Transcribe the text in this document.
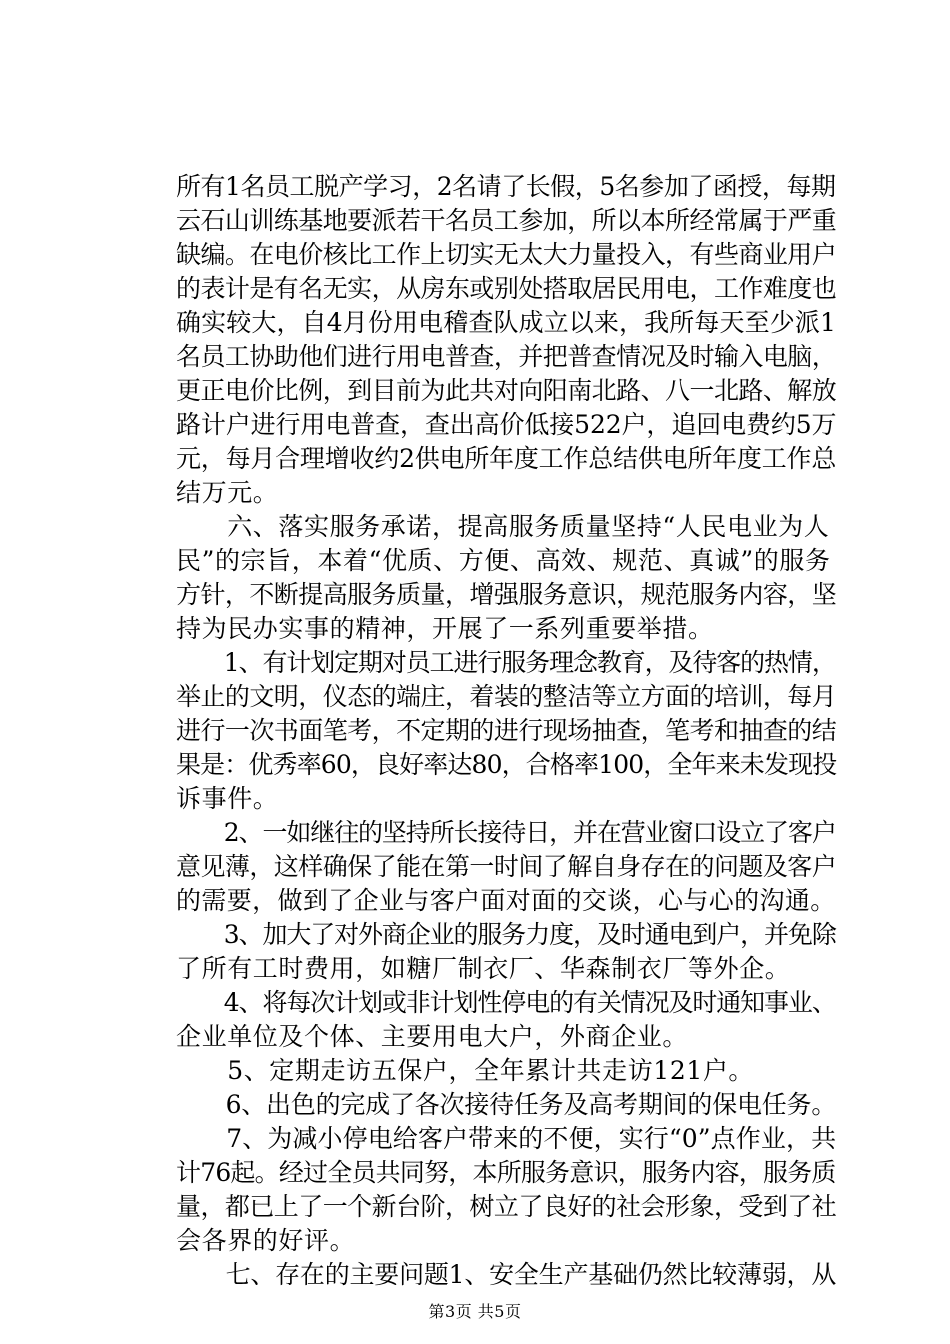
所有1名员工脱产学习，2名请了长假，5名参加了函授，每期
云石山训练基地要派若干名员工参加，所以本所经常属于严重
缺编。在电价核比工作上切实无太大力量投入，有些商业用户
的表计是有名无实，从房东或别处搭取居民用电，工作难度也
确实较大，自4月份用电稽查队成立以来，我所每天至少派1
名员工协助他们进行用电普查，并把普查情况及时输入电脑，
更正电价比例，到目前为此共对向阳南北路、八一北路、解放
路计户进行用电普查，查出高价低接522户，追回电费约5万
元，每月合理增收约2供电所年度工作总结供电所年度工作总
结万元。
　　六、落实服务承诺，提高服务质量坚持“人民电业为人
民”的宗旨，本着“优质、方便、高效、规范、真诚”的服务
方针，不断提高服务质量，增强服务意识，规范服务内容，坚
持为民办实事的精神，开展了一系列重要举措。
　　1、有计划定期对员工进行服务理念教育，及待客的热情，
举止的文明，仪态的端庄，着装的整洁等立方面的培训，每月
进行一次书面笔考，不定期的进行现场抽查，笔考和抽查的结
果是：优秀率60，良好率达80，合格率100，全年来未发现投
诉事件。
　　2、一如继往的坚持所长接待日，并在营业窗口设立了客户
意见薄，这样确保了能在第一时间了解自身存在的问题及客户
的需要，做到了企业与客户面对面的交谈，心与心的沟通。
　　3、加大了对外商企业的服务力度，及时通电到户，并免除
了所有工时费用，如糖厂制衣厂、华森制衣厂等外企。
　　4、将每次计划或非计划性停电的有关情况及时通知事业、
企业单位及个体、主要用电大户，外商企业。
　　5、定期走访五保户，全年累计共走访121户。
　　6、出色的完成了各次接待任务及高考期间的保电任务。
　　7、为减小停电给客户带来的不便，实行“0”点作业，共
计76起。经过全员共同努，本所服务意识，服务内容，服务质
量，都已上了一个新台阶，树立了良好的社会形象，受到了社
会各界的好评。
　　七、存在的主要问题1、安全生产基础仍然比较薄弱，从
第3页 共5页
